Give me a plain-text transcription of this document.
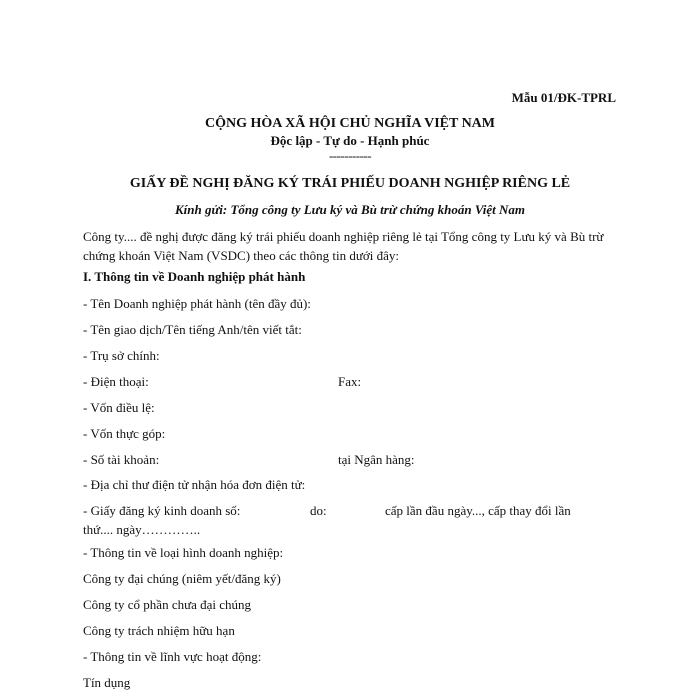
Mẫu 01/ĐK-TPRL
CỘNG HÒA XÃ HỘI CHỦ NGHĨA VIỆT NAM
Độc lập - Tự do - Hạnh phúc
-----------
GIẤY ĐỀ NGHỊ ĐĂNG KÝ TRÁI PHIẾU DOANH NGHIỆP RIÊNG LẺ
Kính gửi: Tổng công ty Lưu ký và Bù trừ chứng khoán Việt Nam
Công ty.... đề nghị được đăng ký trái phiếu doanh nghiệp riêng lẻ tại Tổng công ty Lưu ký và Bù trừ chứng khoán Việt Nam (VSDC) theo các thông tin dưới đây:
I. Thông tin về Doanh nghiệp phát hành
- Tên Doanh nghiệp phát hành (tên đầy đủ):
- Tên giao dịch/Tên tiếng Anh/tên viết tắt:
- Trụ sở chính:
- Điện thoại:	Fax:
- Vốn điều lệ:
- Vốn thực góp:
- Số tài khoản:	tại Ngân hàng:
- Địa chỉ thư điện tử nhận hóa đơn điện tử:
- Giấy đăng ký kinh doanh số:	do:	cấp lần đầu ngày..., cấp thay đổi lần
thứ.... ngày…………..
- Thông tin về loại hình doanh nghiệp:
Công ty đại chúng (niêm yết/đăng ký)
Công ty cổ phần chưa đại chúng
Công ty trách nhiệm hữu hạn
- Thông tin về lĩnh vực hoạt động:
Tín dụng
